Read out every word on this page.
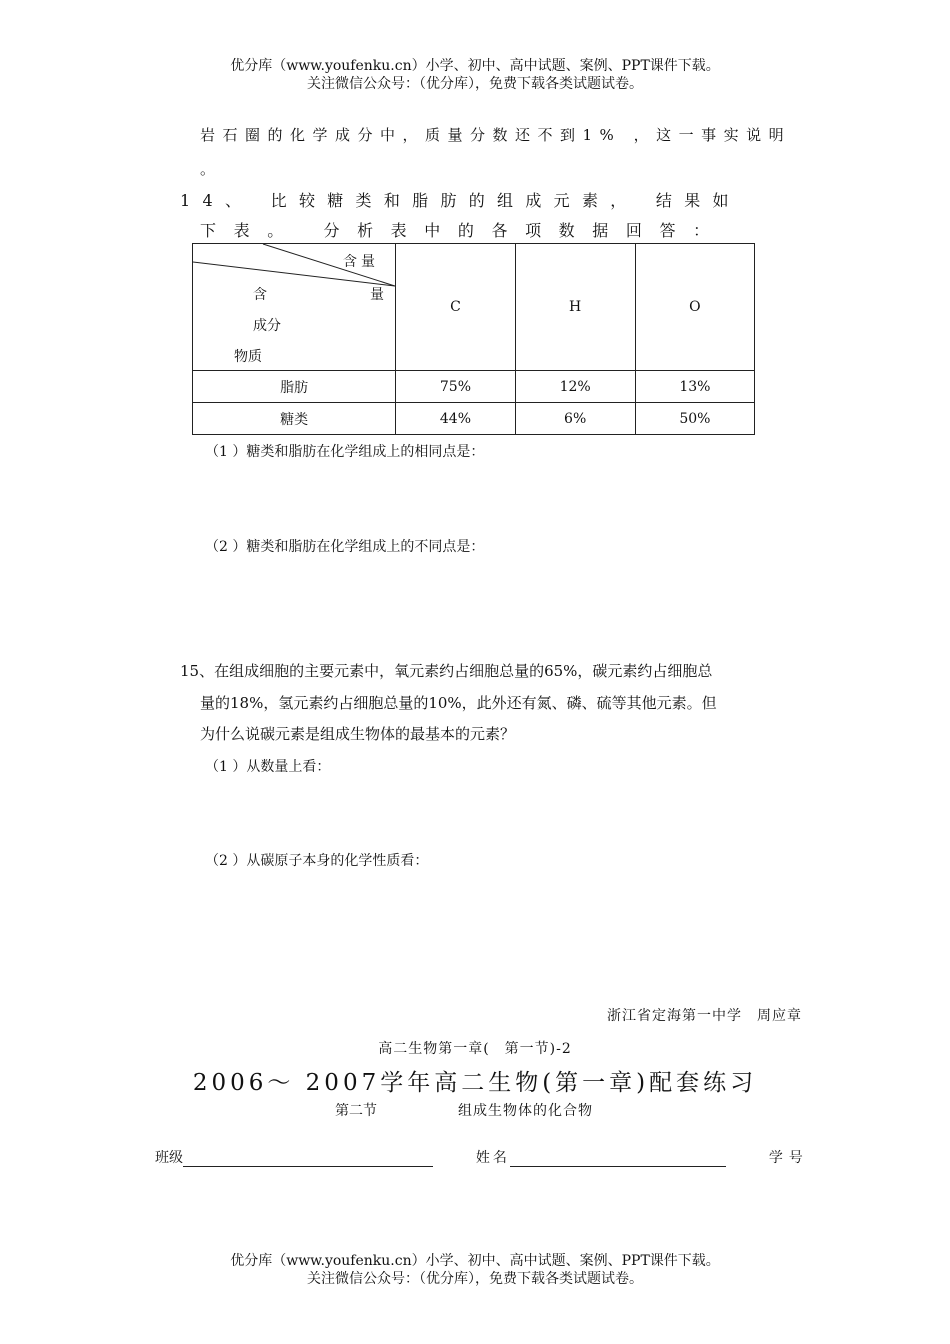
优分库（www.youfenku.cn）小学、初中、高中试题、案例、PPT课件下载。
关注微信公众号：（优分库），免费下载各类试题试卷。
岩石圈的化学成分中，质量分数还不到1% ，这一事实说明
。
14、 比较糖类和脂肪的组成元素， 结果如
下表。 分析表中的各项数据回答：
含量
含 量
成分
物质	C	H	O
脂肪	75%	12%	13%
糖类	44%	6%	50%
（1 ）糖类和脂肪在化学组成上的相同点是：
（2 ）糖类和脂肪在化学组成上的不同点是：
15、在组成细胞的主要元素中，氧元素约占细胞总量的65%，碳元素约占细胞总
量的18%，氢元素约占细胞总量的10%，此外还有氮、磷、硫等其他元素。但
为什么说碳元素是组成生物体的最基本的元素？
（1 ）从数量上看：
（2 ）从碳原子本身的化学性质看：
浙江省定海第一中学　周应章
高二生物第一章(　第一节)-2
2006～ 2007学年高二生物(第一章)配套练习
第二节	组成生物体的化合物
班级	姓名	学号
优分库（www.youfenku.cn）小学、初中、高中试题、案例、PPT课件下载。
关注微信公众号：（优分库），免费下载各类试题试卷。
